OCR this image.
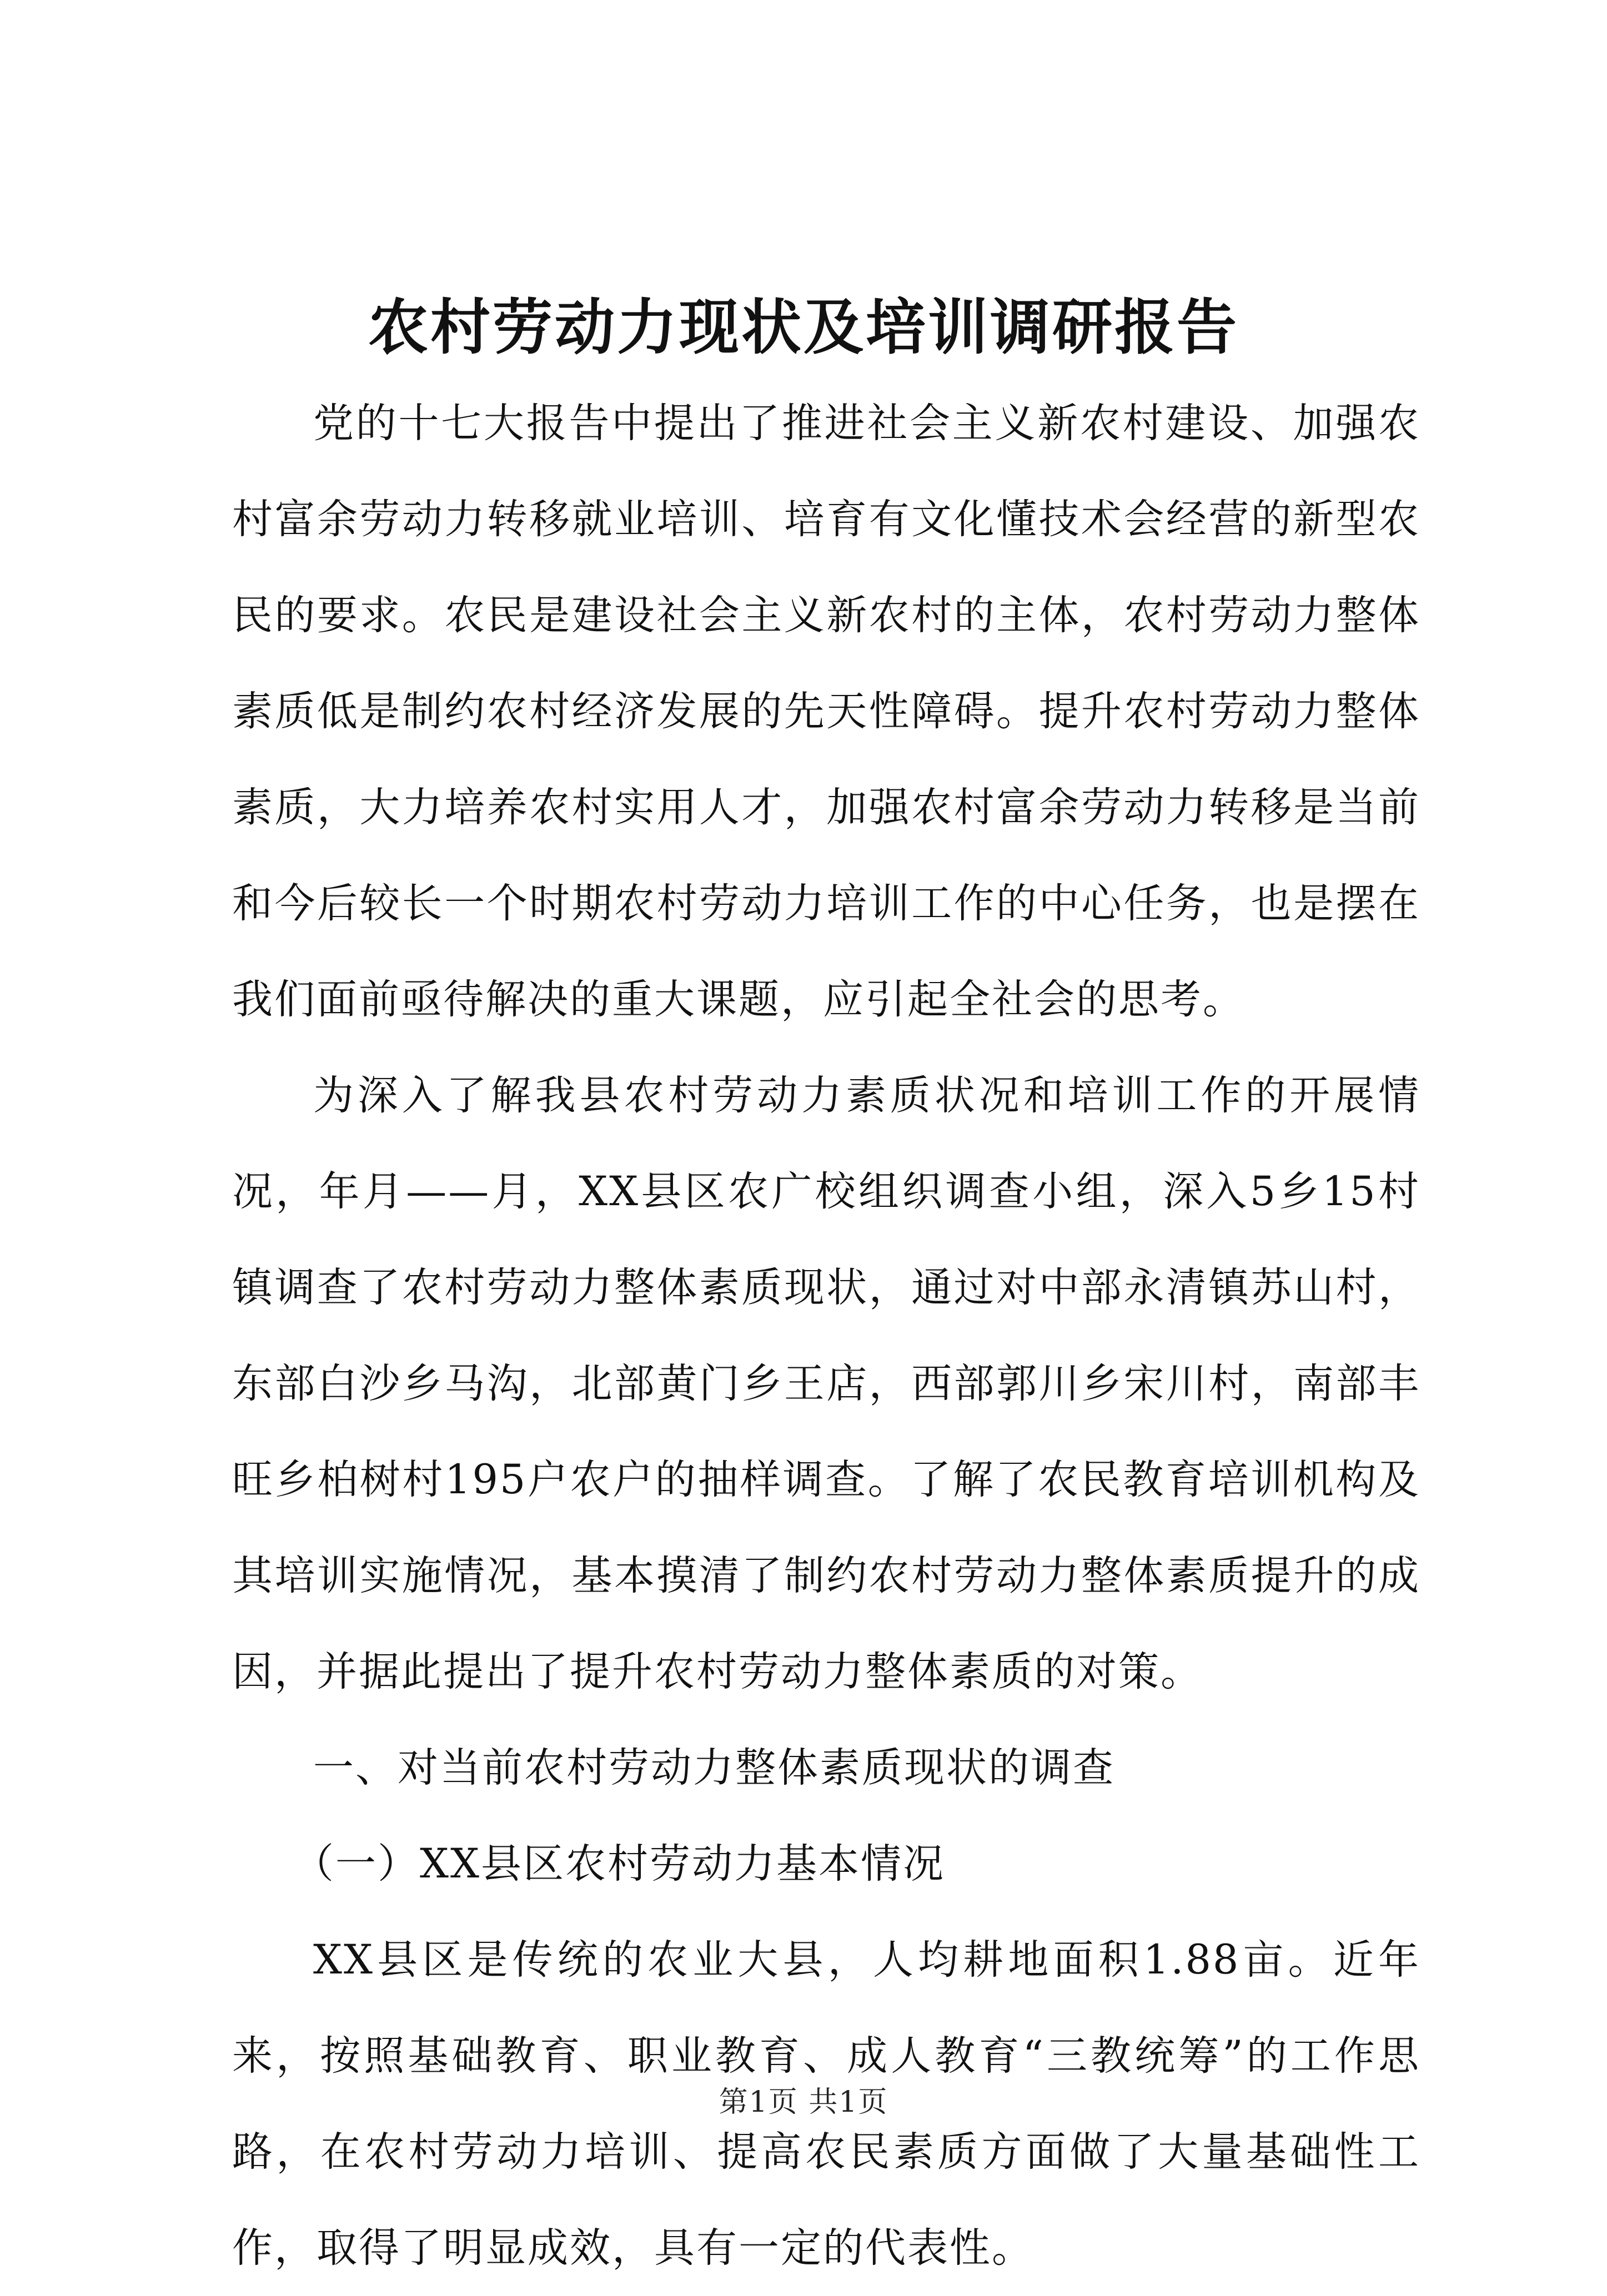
农村劳动力现状及培训调研报告

党的十七大报告中提出了推进社会主义新农村建设、加强农村富余劳动力转移就业培训、培育有文化懂技术会经营的新型农民的要求。农民是建设社会主义新农村的主体，农村劳动力整体素质低是制约农村经济发展的先天性障碍。提升农村劳动力整体素质，大力培养农村实用人才，加强农村富余劳动力转移是当前和今后较长一个时期农村劳动力培训工作的中心任务，也是摆在我们面前亟待解决的重大课题，应引起全社会的思考。

为深入了解我县农村劳动力素质状况和培训工作的开展情况，年月——月，XX县区农广校组织调查小组，深入5乡15村镇调查了农村劳动力整体素质现状，通过对中部永清镇苏山村，东部白沙乡马沟，北部黄门乡王店，西部郭川乡宋川村，南部丰旺乡柏树村195户农户的抽样调查。了解了农民教育培训机构及其培训实施情况，基本摸清了制约农村劳动力整体素质提升的成因，并据此提出了提升农村劳动力整体素质的对策。

一、对当前农村劳动力整体素质现状的调查

（一）XX县区农村劳动力基本情况

XX县区是传统的农业大县，人均耕地面积1.88亩。近年来，按照基础教育、职业教育、成人教育“三教统筹”的工作思路，在农村劳动力培训、提高农民素质方面做了大量基础性工作，取得了明显成效，具有一定的代表性。

第1页 共1页
